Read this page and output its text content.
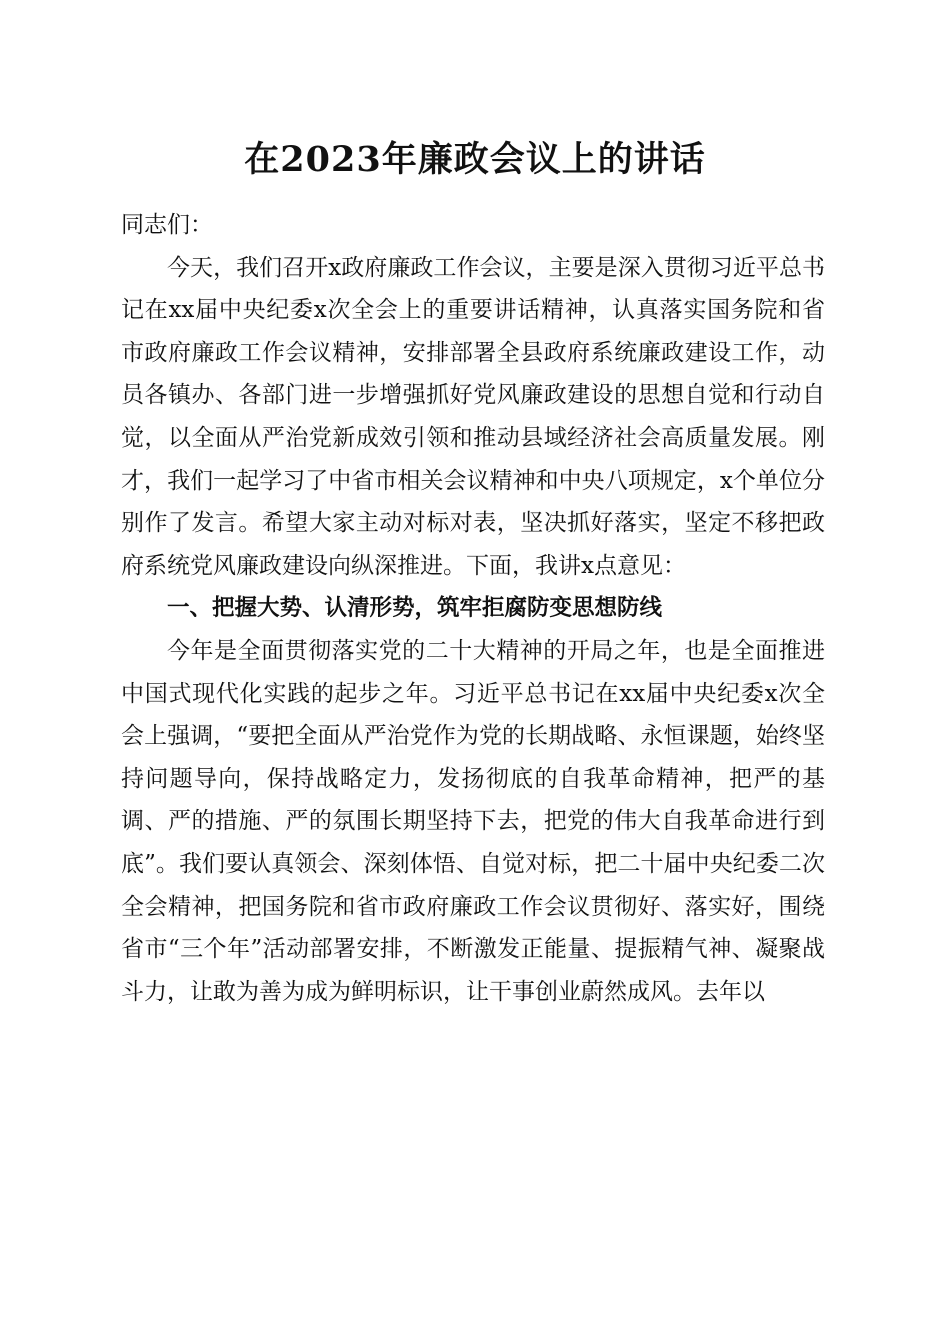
在2023年廉政会议上的讲话

同志们：

今天，我们召开x政府廉政工作会议，主要是深入贯彻习近平总书记在xx届中央纪委x次全会上的重要讲话精神，认真落实国务院和省市政府廉政工作会议精神，安排部署全县政府系统廉政建设工作，动员各镇办、各部门进一步增强抓好党风廉政建设的思想自觉和行动自觉，以全面从严治党新成效引领和推动县域经济社会高质量发展。刚才，我们一起学习了中省市相关会议精神和中央八项规定，x个单位分别作了发言。希望大家主动对标对表，坚决抓好落实，坚定不移把政府系统党风廉政建设向纵深推进。下面，我讲x点意见：

一、把握大势、认清形势，筑牢拒腐防变思想防线

今年是全面贯彻落实党的二十大精神的开局之年，也是全面推进中国式现代化实践的起步之年。习近平总书记在xx届中央纪委x次全会上强调，“要把全面从严治党作为党的长期战略、永恒课题，始终坚持问题导向，保持战略定力，发扬彻底的自我革命精神，把严的基调、严的措施、严的氛围长期坚持下去，把党的伟大自我革命进行到底”。我们要认真领会、深刻体悟、自觉对标，把二十届中央纪委二次全会精神，把国务院和省市政府廉政工作会议贯彻好、落实好，围绕省市“三个年”活动部署安排，不断激发正能量、提振精气神、凝聚战斗力，让敢为善为成为鲜明标识，让干事创业蔚然成风。去年以
